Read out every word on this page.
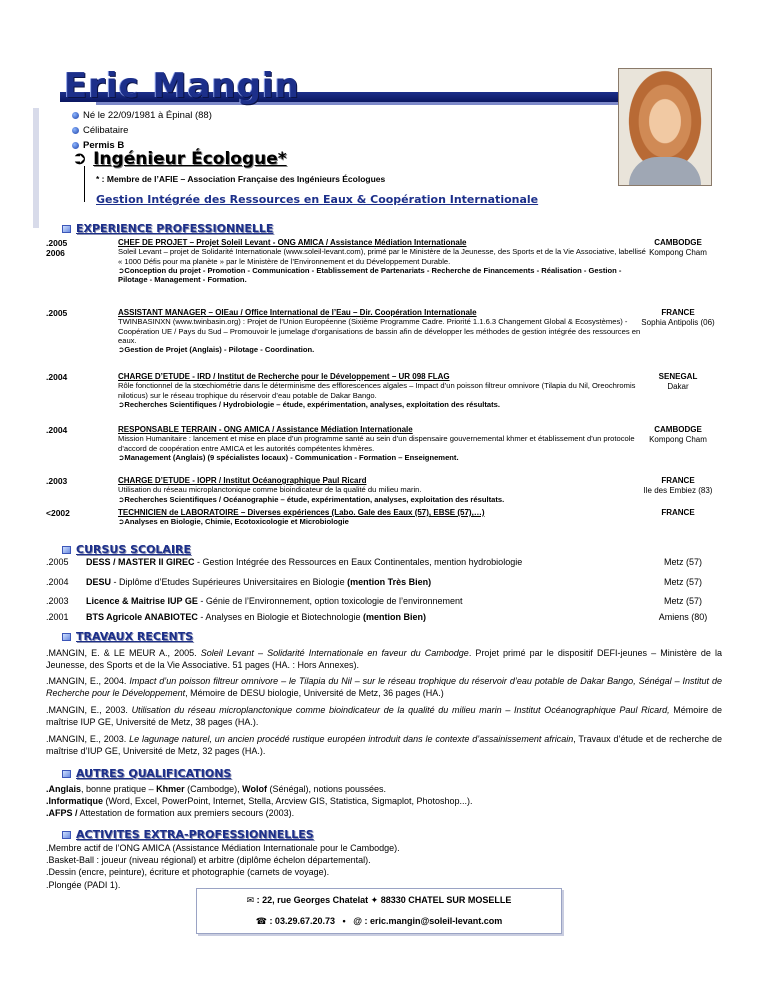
Eric Mangin
Né le 22/09/1981 à Épinal (88)
Célibataire
Permis B
➲ Ingénieur Écologue*
* : Membre de l’AFIE – Association Française des Ingénieurs Écologues
Gestion Intégrée des Ressources en Eaux & Coopération Internationale
EXPERIENCE PROFESSIONNELLE
.2005
2006
CHEF DE PROJET – Projet Soleil Levant - ONG AMICA / Assistance Médiation Internationale
Soleil Levant – projet de Solidarité Internationale (www.soleil-levant.com), primé par le Ministère de la Jeunesse, des Sports et de la Vie Associative, labellisé « 1000 Défis pour ma planète » par le Ministère de l’Environnement et du Développement Durable.
➲Conception du projet - Promotion - Communication - Etablissement de Partenariats - Recherche de Financements - Réalisation - Gestion - Pilotage - Management - Formation.
CAMBODGE
Kompong Cham
.2005	ASSISTANT MANAGER – OIEau / Office International de l’Eau – Dir. Coopération Internationale
TWINBASINXN (www.twinbasin.org) : Projet de l’Union Européenne (Sixième Programme Cadre. Priorité 1.1.6.3 Changement Global & Ecosystèmes) - Coopération UE / Pays du Sud – Promouvoir le jumelage d’organisations de bassin afin de développer les méthodes de gestion intégrée des ressources en eaux.
➲Gestion de Projet (Anglais) - Pilotage - Coordination.
FRANCE
Sophia Antipolis (06)
.2004	CHARGE D’ETUDE - IRD / Institut de Recherche pour le Développement – UR 098 FLAG
Rôle fonctionnel de la stœchiométrie dans le déterminisme des efflorescences algales – Impact d’un poisson filtreur omnivore (Tilapia du Nil, Oreochromis niloticus) sur le réseau trophique du réservoir d’eau potable de Dakar Bango.
➲Recherches Scientifiques / Hydrobiologie – étude, expérimentation, analyses, exploitation des résultats.
SENEGAL
Dakar
.2004	RESPONSABLE TERRAIN - ONG AMICA / Assistance Médiation Internationale
Mission Humanitaire : lancement et mise en place d’un programme santé au sein d’un dispensaire gouvernemental khmer et établissement d’un protocole d’accord de coopération entre AMICA et les autorités compétentes khmères.
➲Management (Anglais) (9 spécialistes locaux) - Communication - Formation – Enseignement.
CAMBODGE
Kompong Cham
.2003	CHARGE D’ETUDE - IOPR / Institut Océanographique Paul Ricard
Utilisation du réseau microplanctonique comme bioindicateur de la qualité du milieu marin.
➲Recherches Scientifiques / Océanographie – étude, expérimentation, analyses, exploitation des résultats.
FRANCE
Ile des Embiez (83)
<2002	TECHNICIEN de LABORATOIRE – Diverses expériences (Labo. Gale des Eaux (57), EBSE (57),…)
➲Analyses en Biologie, Chimie, Ecotoxicologie et Microbiologie
FRANCE
CURSUS SCOLAIRE
.2005	DESS / MASTER II GIREC - Gestion Intégrée des Ressources en Eaux Continentales, mention hydrobiologie	Metz (57)
.2004	DESU - Diplôme d’Etudes Supérieures Universitaires en Biologie (mention Très Bien)	Metz (57)
.2003	Licence & Maitrise IUP GE - Génie de l’Environnement, option toxicologie de l’environnement	Metz (57)
.2001	BTS Agricole ANABIOTEC - Analyses en Biologie et Biotechnologie (mention Bien)	Amiens (80)
TRAVAUX RECENTS
.MANGIN, E. & LE MEUR A., 2005. Soleil Levant – Solidarité Internationale en faveur du Cambodge. Projet primé par le dispositif DEFI-jeunes – Ministère de la Jeunesse, des Sports et de la Vie Associative. 51 pages (HA. : Hors Annexes).
.MANGIN, E., 2004. Impact d’un poisson filtreur omnivore – le Tilapia du Nil – sur le réseau trophique du réservoir d’eau potable de Dakar Bango, Sénégal – Institut de Recherche pour le Développement, Mémoire de DESU biologie, Université de Metz, 36 pages (HA.)
.MANGIN, E., 2003. Utilisation du réseau microplanctonique comme bioindicateur de la qualité du milieu marin – Institut Océanographique Paul Ricard, Mémoire de maîtrise IUP GE, Université de Metz, 38 pages (HA.).
.MANGIN, E., 2003. Le lagunage naturel, un ancien procédé rustique européen introduit dans le contexte d’assainissement africain, Travaux d’étude et de recherche de maîtrise d’IUP GE, Université de Metz, 32 pages (HA.).
AUTRES QUALIFICATIONS
.Anglais, bonne pratique – Khmer (Cambodge), Wolof (Sénégal), notions poussées.
.Informatique (Word, Excel, PowerPoint, Internet, Stella, Arcview GIS, Statistica, Sigmaplot, Photoshop...).
.AFPS / Attestation de formation aux premiers secours (2003).
ACTIVITES EXTRA-PROFESSIONNELLES
.Membre actif de l’ONG AMICA (Assistance Médiation Internationale pour le Cambodge).
.Basket-Ball : joueur (niveau régional) et arbitre (diplôme échelon départemental).
.Dessin (encre, peinture), écriture et photographie (carnets de voyage).
.Plongée (PADI 1).
✉ : 22, rue Georges Chatelat ✦ 88330 CHATEL SUR MOSELLE
☎ : 03.29.67.20.73 • @ : eric.mangin@soleil-levant.com
